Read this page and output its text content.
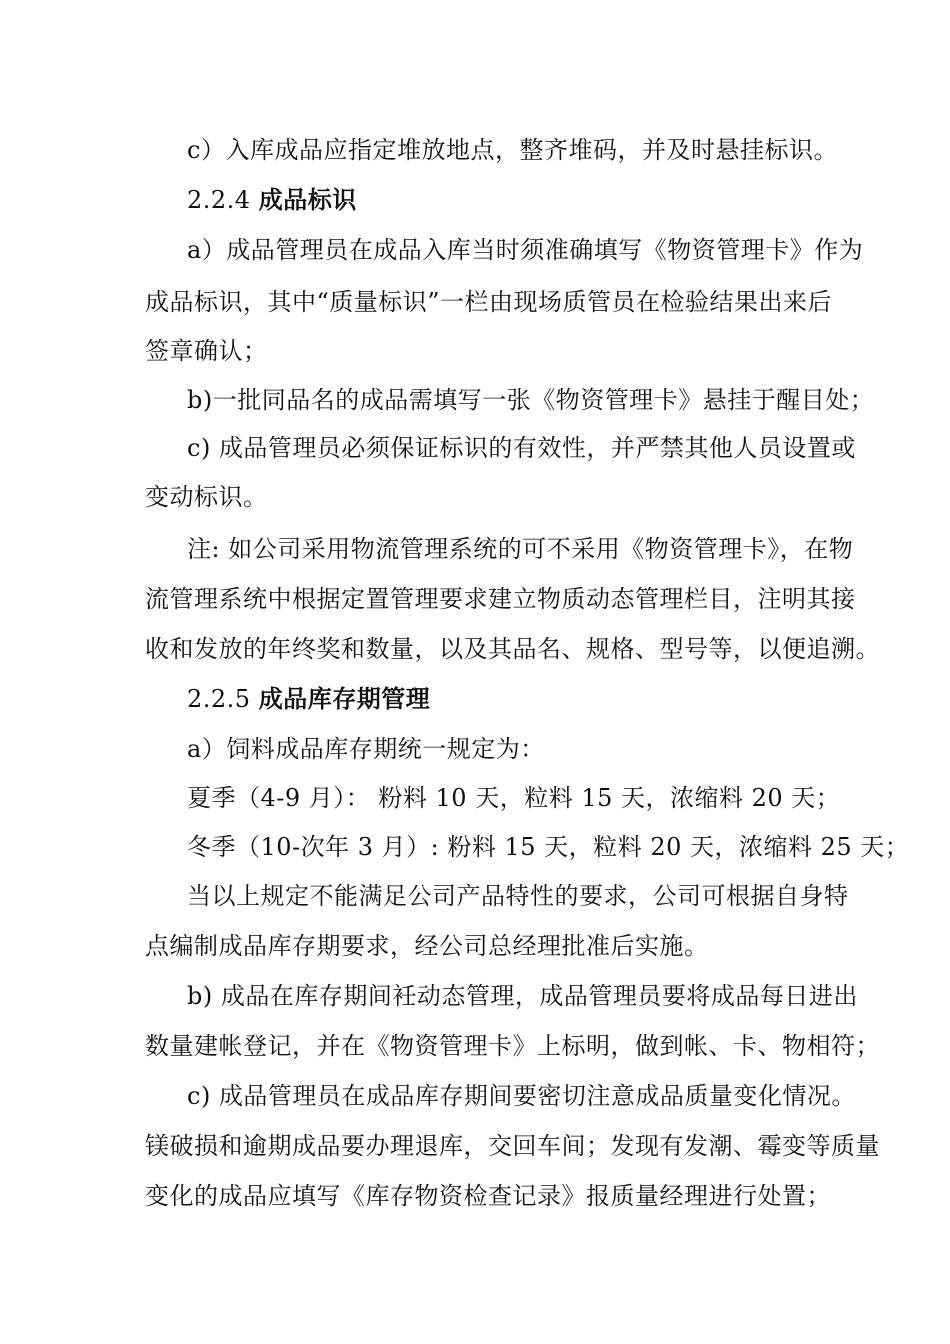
c）入库成品应指定堆放地点，整齐堆码，并及时悬挂标识。
2.2.4 成品标识
a）成品管理员在成品入库当时须准确填写《物资管理卡》作为
成品标识，其中“质量标识”一栏由现场质管员在检验结果出来后
签章确认；
b)一批同品名的成品需填写一张《物资管理卡》悬挂于醒目处；
c) 成品管理员必须保证标识的有效性，并严禁其他人员设置或
变动标识。
注: 如公司采用物流管理系统的可不采用《物资管理卡》，在物
流管理系统中根据定置管理要求建立物质动态管理栏目，注明其接
收和发放的年终奖和数量，以及其品名、规格、型号等，以便追溯。
2.2.5 成品库存期管理
a）饲料成品库存期统一规定为：
夏季（4-9 月）： 粉料 10 天，粒料 15 天，浓缩料 20 天；
冬季（10-次年 3 月）: 粉料 15 天，粒料 20 天，浓缩料 25 天；
当以上规定不能满足公司产品特性的要求，公司可根据自身特
点编制成品库存期要求，经公司总经理批准后实施。
b) 成品在库存期间衽动态管理，成品管理员要将成品每日进出
数量建帐登记，并在《物资管理卡》上标明，做到帐、卡、物相符；
c) 成品管理员在成品库存期间要密切注意成品质量变化情况。
镁破损和逾期成品要办理退库，交回车间；发现有发潮、霉变等质量
变化的成品应填写《库存物资检查记录》报质量经理进行处置；
